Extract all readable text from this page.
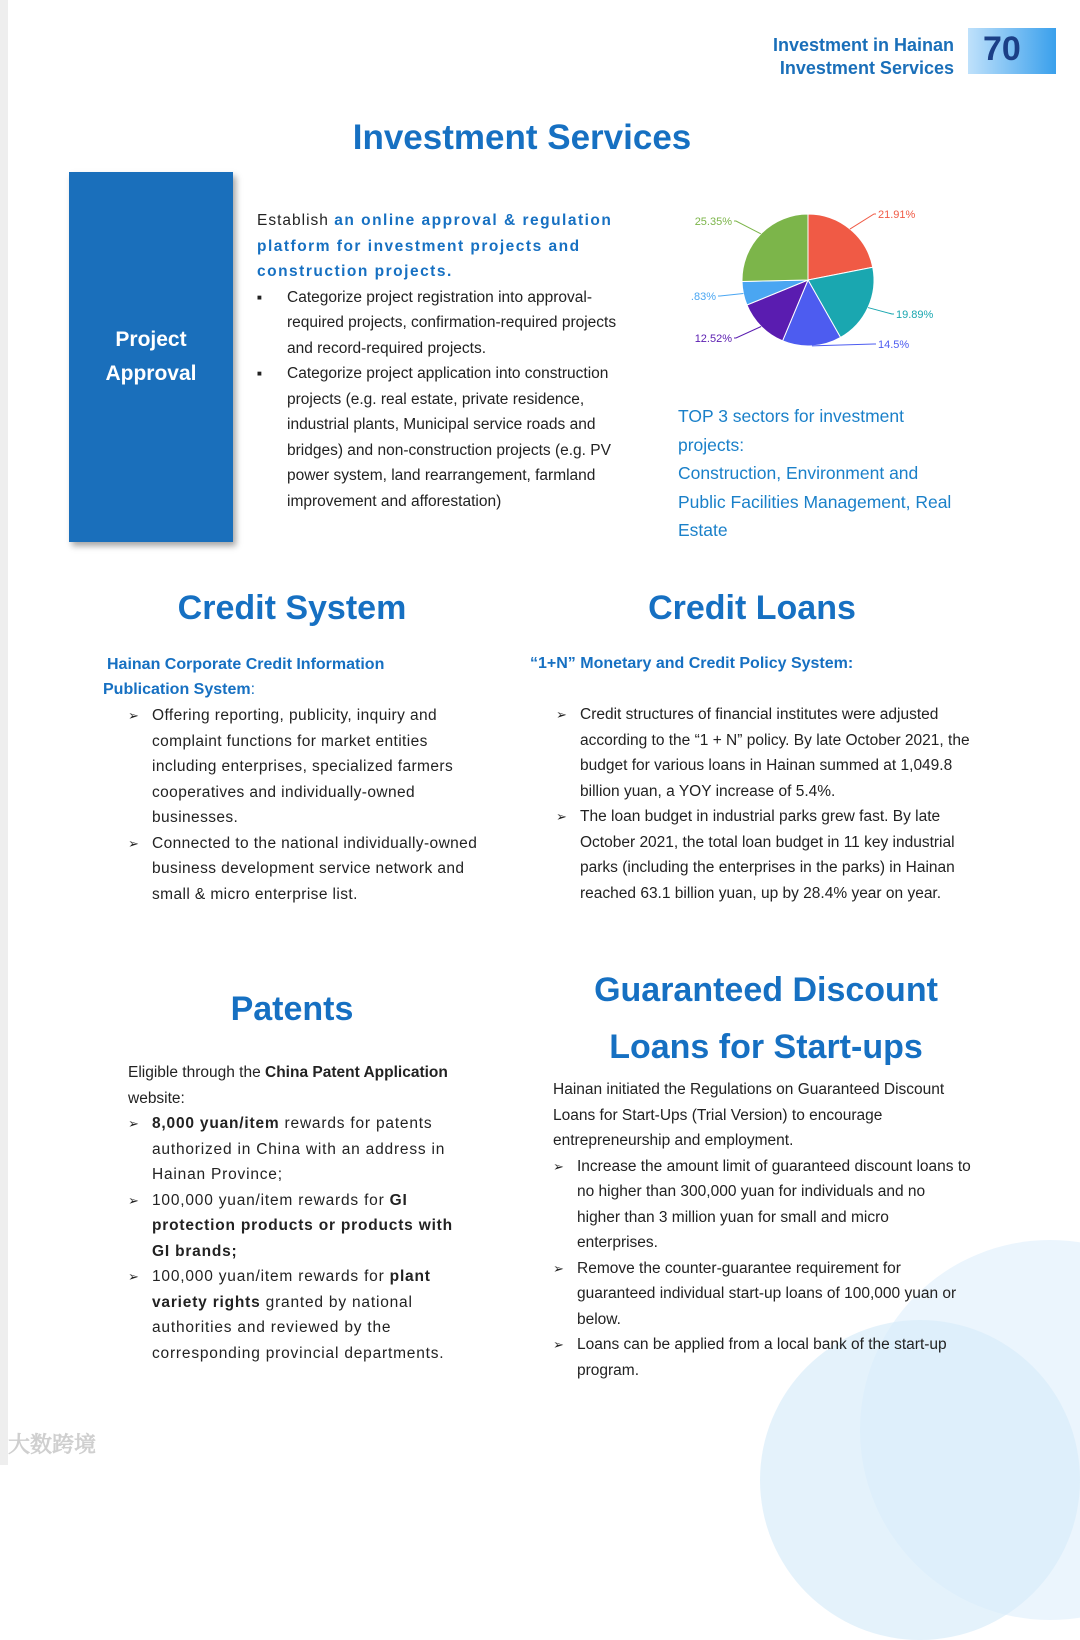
Investment in Hainan
Investment Services 70
Investment Services
Project
Approval
Establish an online approval & regulation platform for investment projects and construction projects.
■ Categorize project registration into approval-required projects, confirmation-required projects and record-required projects.
■ Categorize project application into construction projects (e.g. real estate, private residence, industrial plants, Municipal service roads and bridges) and non-construction projects (e.g. PV power system, land rearrangement, farmland improvement and afforestation)
21.91%
19.89%
14.5%
12.52%
.83%
25.35%
TOP 3 sectors for investment projects:
Construction, Environment and Public Facilities Management, Real Estate
Credit System
Hainan Corporate Credit Information Publication System:
➢ Offering reporting, publicity, inquiry and complaint functions for market entities including enterprises, specialized farmers cooperatives and individually-owned businesses.
➢ Connected to the national individually-owned business development service network and small & micro enterprise list.
Credit Loans
“1+N” Monetary and Credit Policy System:
➢ Credit structures of financial institutes were adjusted according to the “1 + N” policy. By late October 2021, the budget for various loans in Hainan summed at 1,049.8 billion yuan, a YOY increase of 5.4%.
➢ The loan budget in industrial parks grew fast. By late October 2021, the total loan budget in 11 key industrial parks (including the enterprises in the parks) in Hainan reached 63.1 billion yuan, up by 28.4% year on year.
Patents
Eligible through the China Patent Application website:
➢ 8,000 yuan/item rewards for patents authorized in China with an address in Hainan Province;
➢ 100,000 yuan/item rewards for GI protection products or products with GI brands;
➢ 100,000 yuan/item rewards for plant variety rights granted by national authorities and reviewed by the corresponding provincial departments.
Guaranteed Discount
Loans for Start-ups
Hainan initiated the Regulations on Guaranteed Discount Loans for Start-Ups (Trial Version) to encourage entrepreneurship and employment.
➢ Increase the amount limit of guaranteed discount loans to no higher than 300,000 yuan for individuals and no higher than 3 million yuan for small and micro enterprises.
➢ Remove the counter-guarantee requirement for guaranteed individual start-up loans of 100,000 yuan or below.
➢ Loans can be applied from a local bank of the start-up program.
大数跨境
